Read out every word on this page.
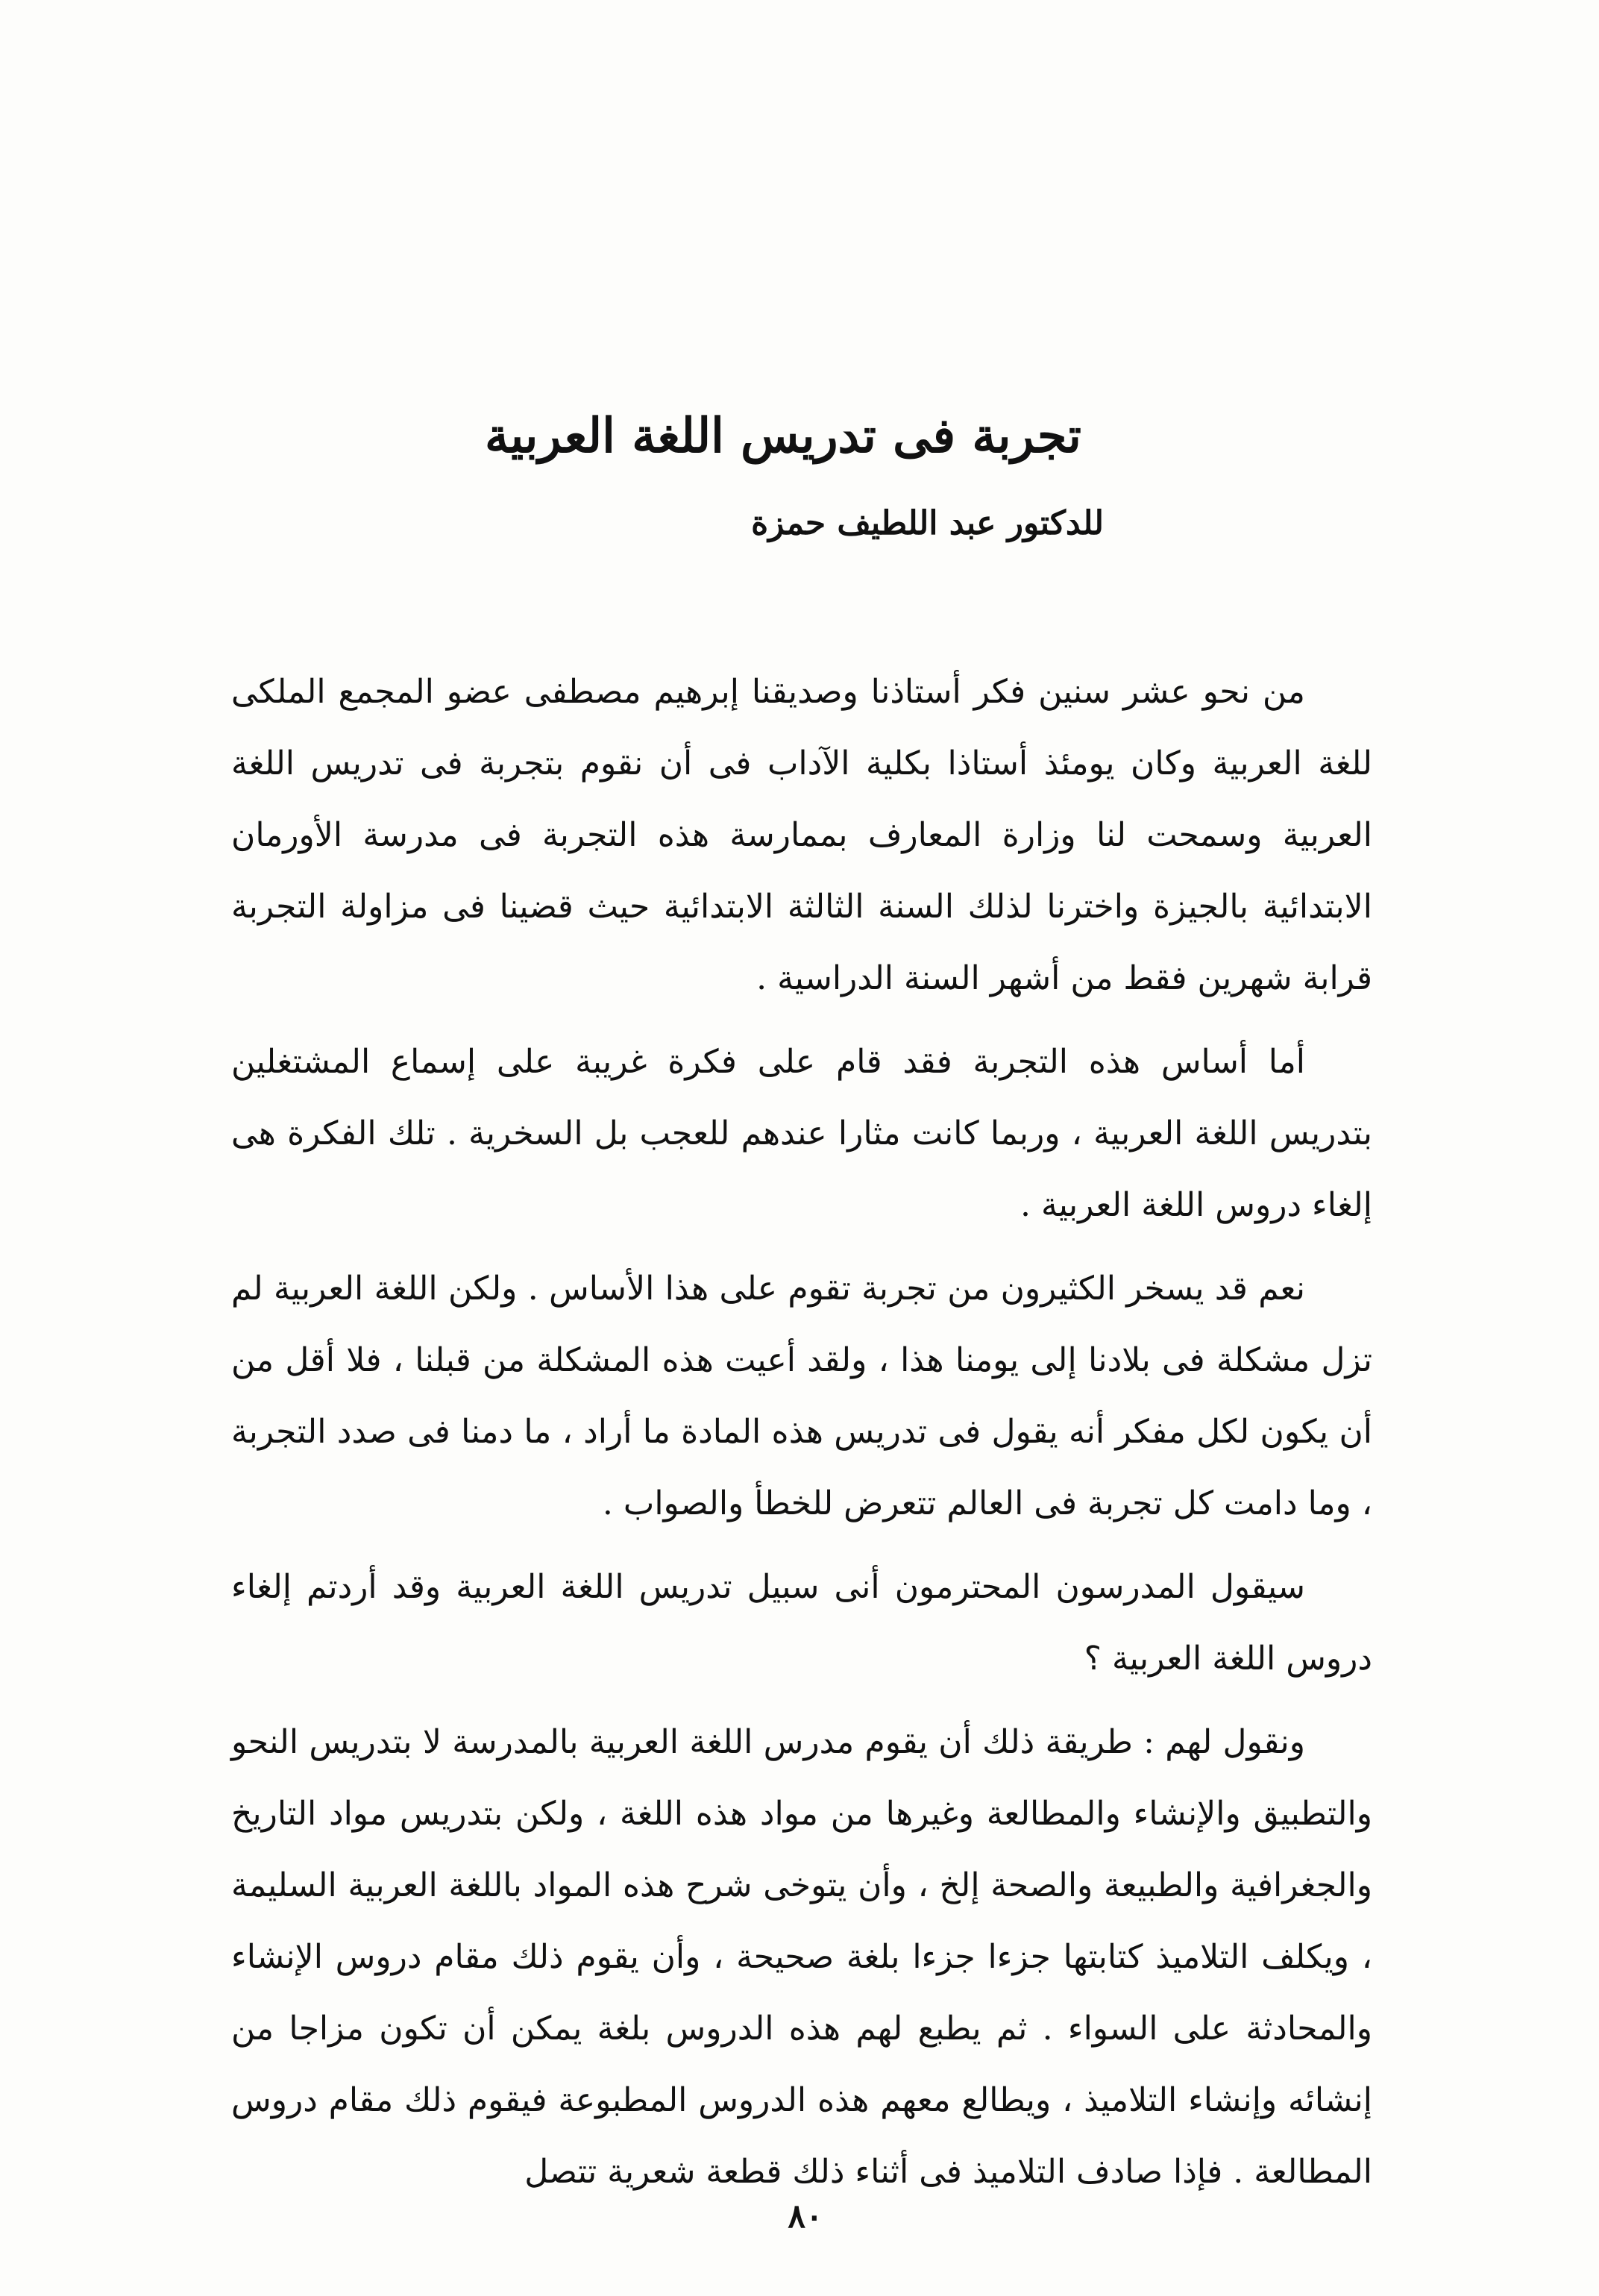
تجربة فى تدريس اللغة العربية
للدكتور عبد اللطيف حمزة

من نحو عشر سنين فكر أستاذنا وصديقنا إبرهيم مصطفى عضو المجمع الملكى للغة العربية وكان يومئذ أستاذا بكلية الآداب فى أن نقوم بتجربة فى تدريس اللغة العربية وسمحت لنا وزارة المعارف بممارسة هذه التجربة فى مدرسة الأورمان الابتدائية بالجيزة واخترنا لذلك السنة الثالثة الابتدائية حيث قضينا فى مزاولة التجربة قرابة شهرين فقط من أشهر السنة الدراسية .

أما أساس هذه التجربة فقد قام على فكرة غريبة على إسماع المشتغلين بتدريس اللغة العربية ، وربما كانت مثارا عندهم للعجب بل السخرية . تلك الفكرة هى إلغاء دروس اللغة العربية .

نعم قد يسخر الكثيرون من تجربة تقوم على هذا الأساس . ولكن اللغة العربية لم تزل مشكلة فى بلادنا إلى يومنا هذا ، ولقد أعيت هذه المشكلة من قبلنا ، فلا أقل من أن يكون لكل مفكر أنه يقول فى تدريس هذه المادة ما أراد ، ما دمنا فى صدد التجربة ، وما دامت كل تجربة فى العالم تتعرض للخطأ والصواب .

سيقول المدرسون المحترمون أنى سبيل تدريس اللغة العربية وقد أردتم إلغاء دروس اللغة العربية ؟

ونقول لهم : طريقة ذلك أن يقوم مدرس اللغة العربية بالمدرسة لا بتدريس النحو والتطبيق والإنشاء والمطالعة وغيرها من مواد هذه اللغة ، ولكن بتدريس مواد التاريخ والجغرافية والطبيعة والصحة إلخ ، وأن يتوخى شرح هذه المواد باللغة العربية السليمة ، ويكلف التلاميذ كتابتها جزءا جزءا بلغة صحيحة ، وأن يقوم ذلك مقام دروس الإنشاء والمحادثة على السواء . ثم يطبع لهم هذه الدروس بلغة يمكن أن تكون مزاجا من إنشائه وإنشاء التلاميذ ، ويطالع معهم هذه الدروس المطبوعة فيقوم ذلك مقام دروس المطالعة . فإذا صادف التلاميذ فى أثناء ذلك قطعة شعرية تتصل

٨٠
